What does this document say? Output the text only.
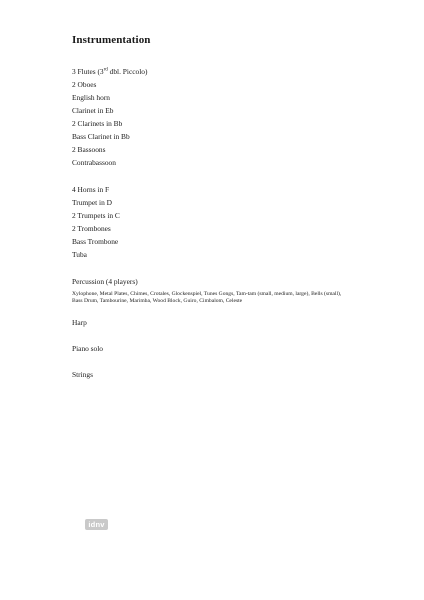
Instrumentation
3 Flutes (3rd dbl. Piccolo)
2 Oboes
English horn
Clarinet in Eb
2 Clarinets in Bb
Bass Clarinet in Bb
2 Bassoons
Contrabassoon
4 Horns in F
Trumpet in D
2 Trumpets in C
2 Trombones
Bass Trombone
Tuba
Percussion (4 players)
Xylophone, Metal Plates, Chimes, Crotales, Glockenspiel, Tunes Gongs, Tam-tam (small, medium, large), Bells (small), Bass Drum, Tambourine, Marimba, Wood Block, Guiro, Cimbalom, Celeste
Harp
Piano solo
Strings
idnv
